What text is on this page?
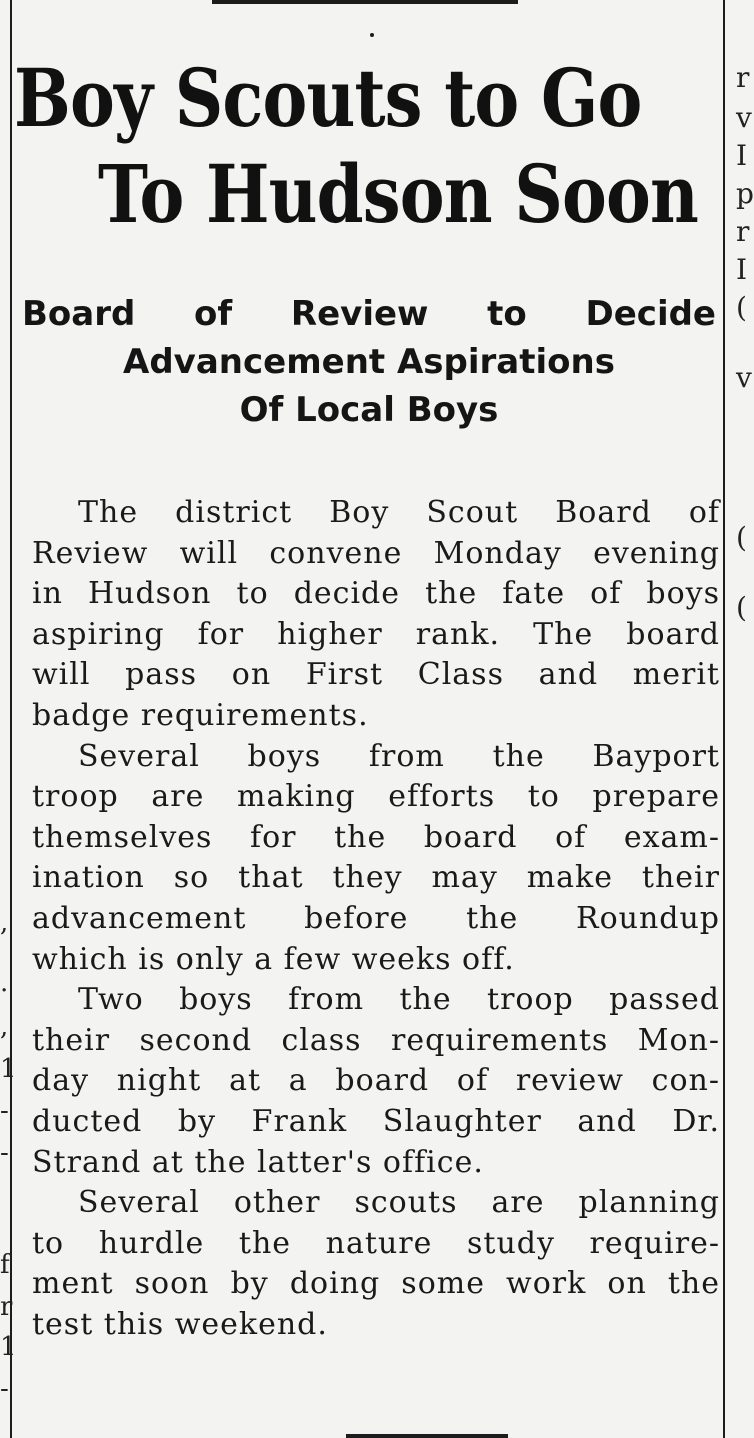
r
v
I
p
r
I
(
v
(
(
,
.
,
1
-
-
f
r
1
-
Boy Scouts to Go
To Hudson Soon
Board of Review to Decide
Advancement Aspirations
Of Local Boys
The district Boy Scout Board of
Review will convene Monday evening
in Hudson to decide the fate of boys
aspiring for higher rank. The board
will pass on First Class and merit
badge requirements.
Several boys from the Bayport
troop are making efforts to prepare
themselves for the board of exam-
ination so that they may make their
advancement before the Roundup
which is only a few weeks off.
Two boys from the troop passed
their second class requirements Mon-
day night at a board of review con-
ducted by Frank Slaughter and Dr.
Strand at the latter's office.
Several other scouts are planning
to hurdle the nature study require-
ment soon by doing some work on the
test this weekend.
